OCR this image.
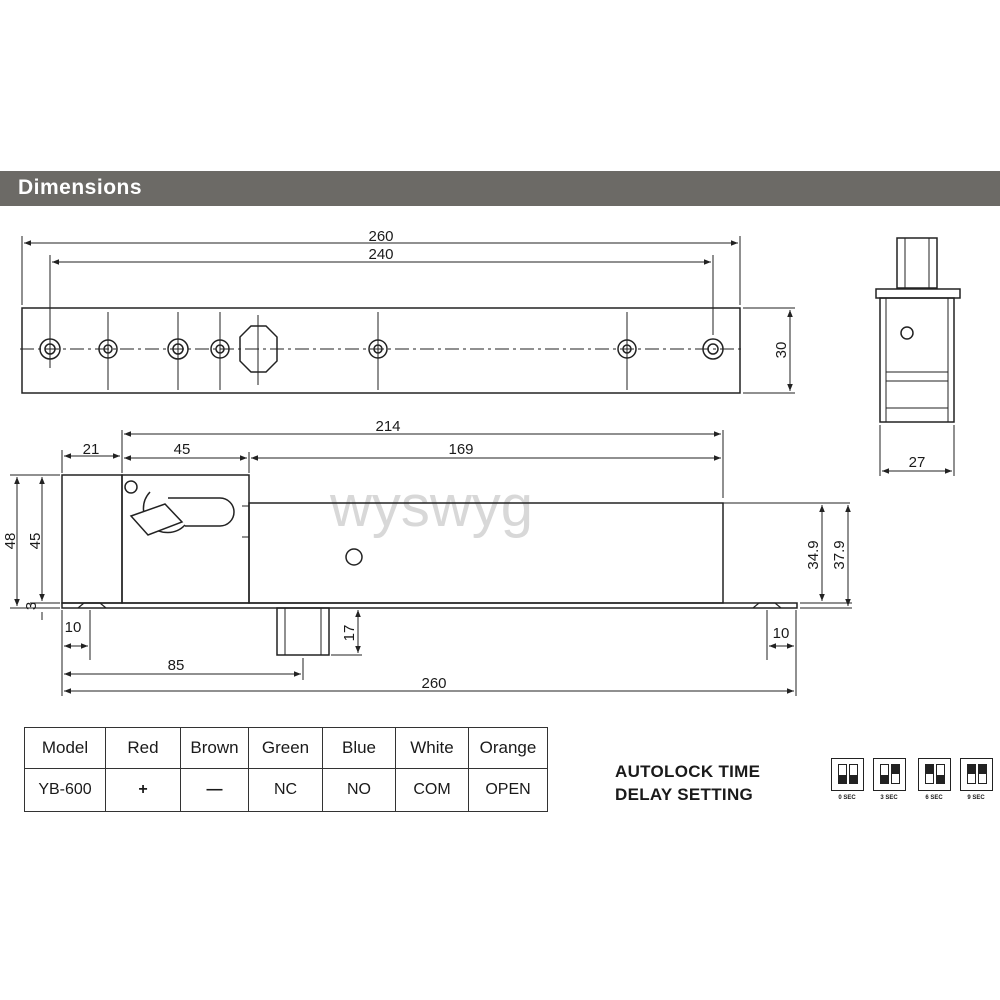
Dimensions
wyswyg
260
240
30
27
21	45
214
169
48 45
3
10	10
85
260
17
34.9 37.9
Model	Red	Brown	Green	Blue	White	Orange
YB-600	+	—	NC	NO	COM	OPEN
AUTOLOCK TIME
DELAY SETTING	0 SEC	3 SEC	6 SEC	9 SEC
